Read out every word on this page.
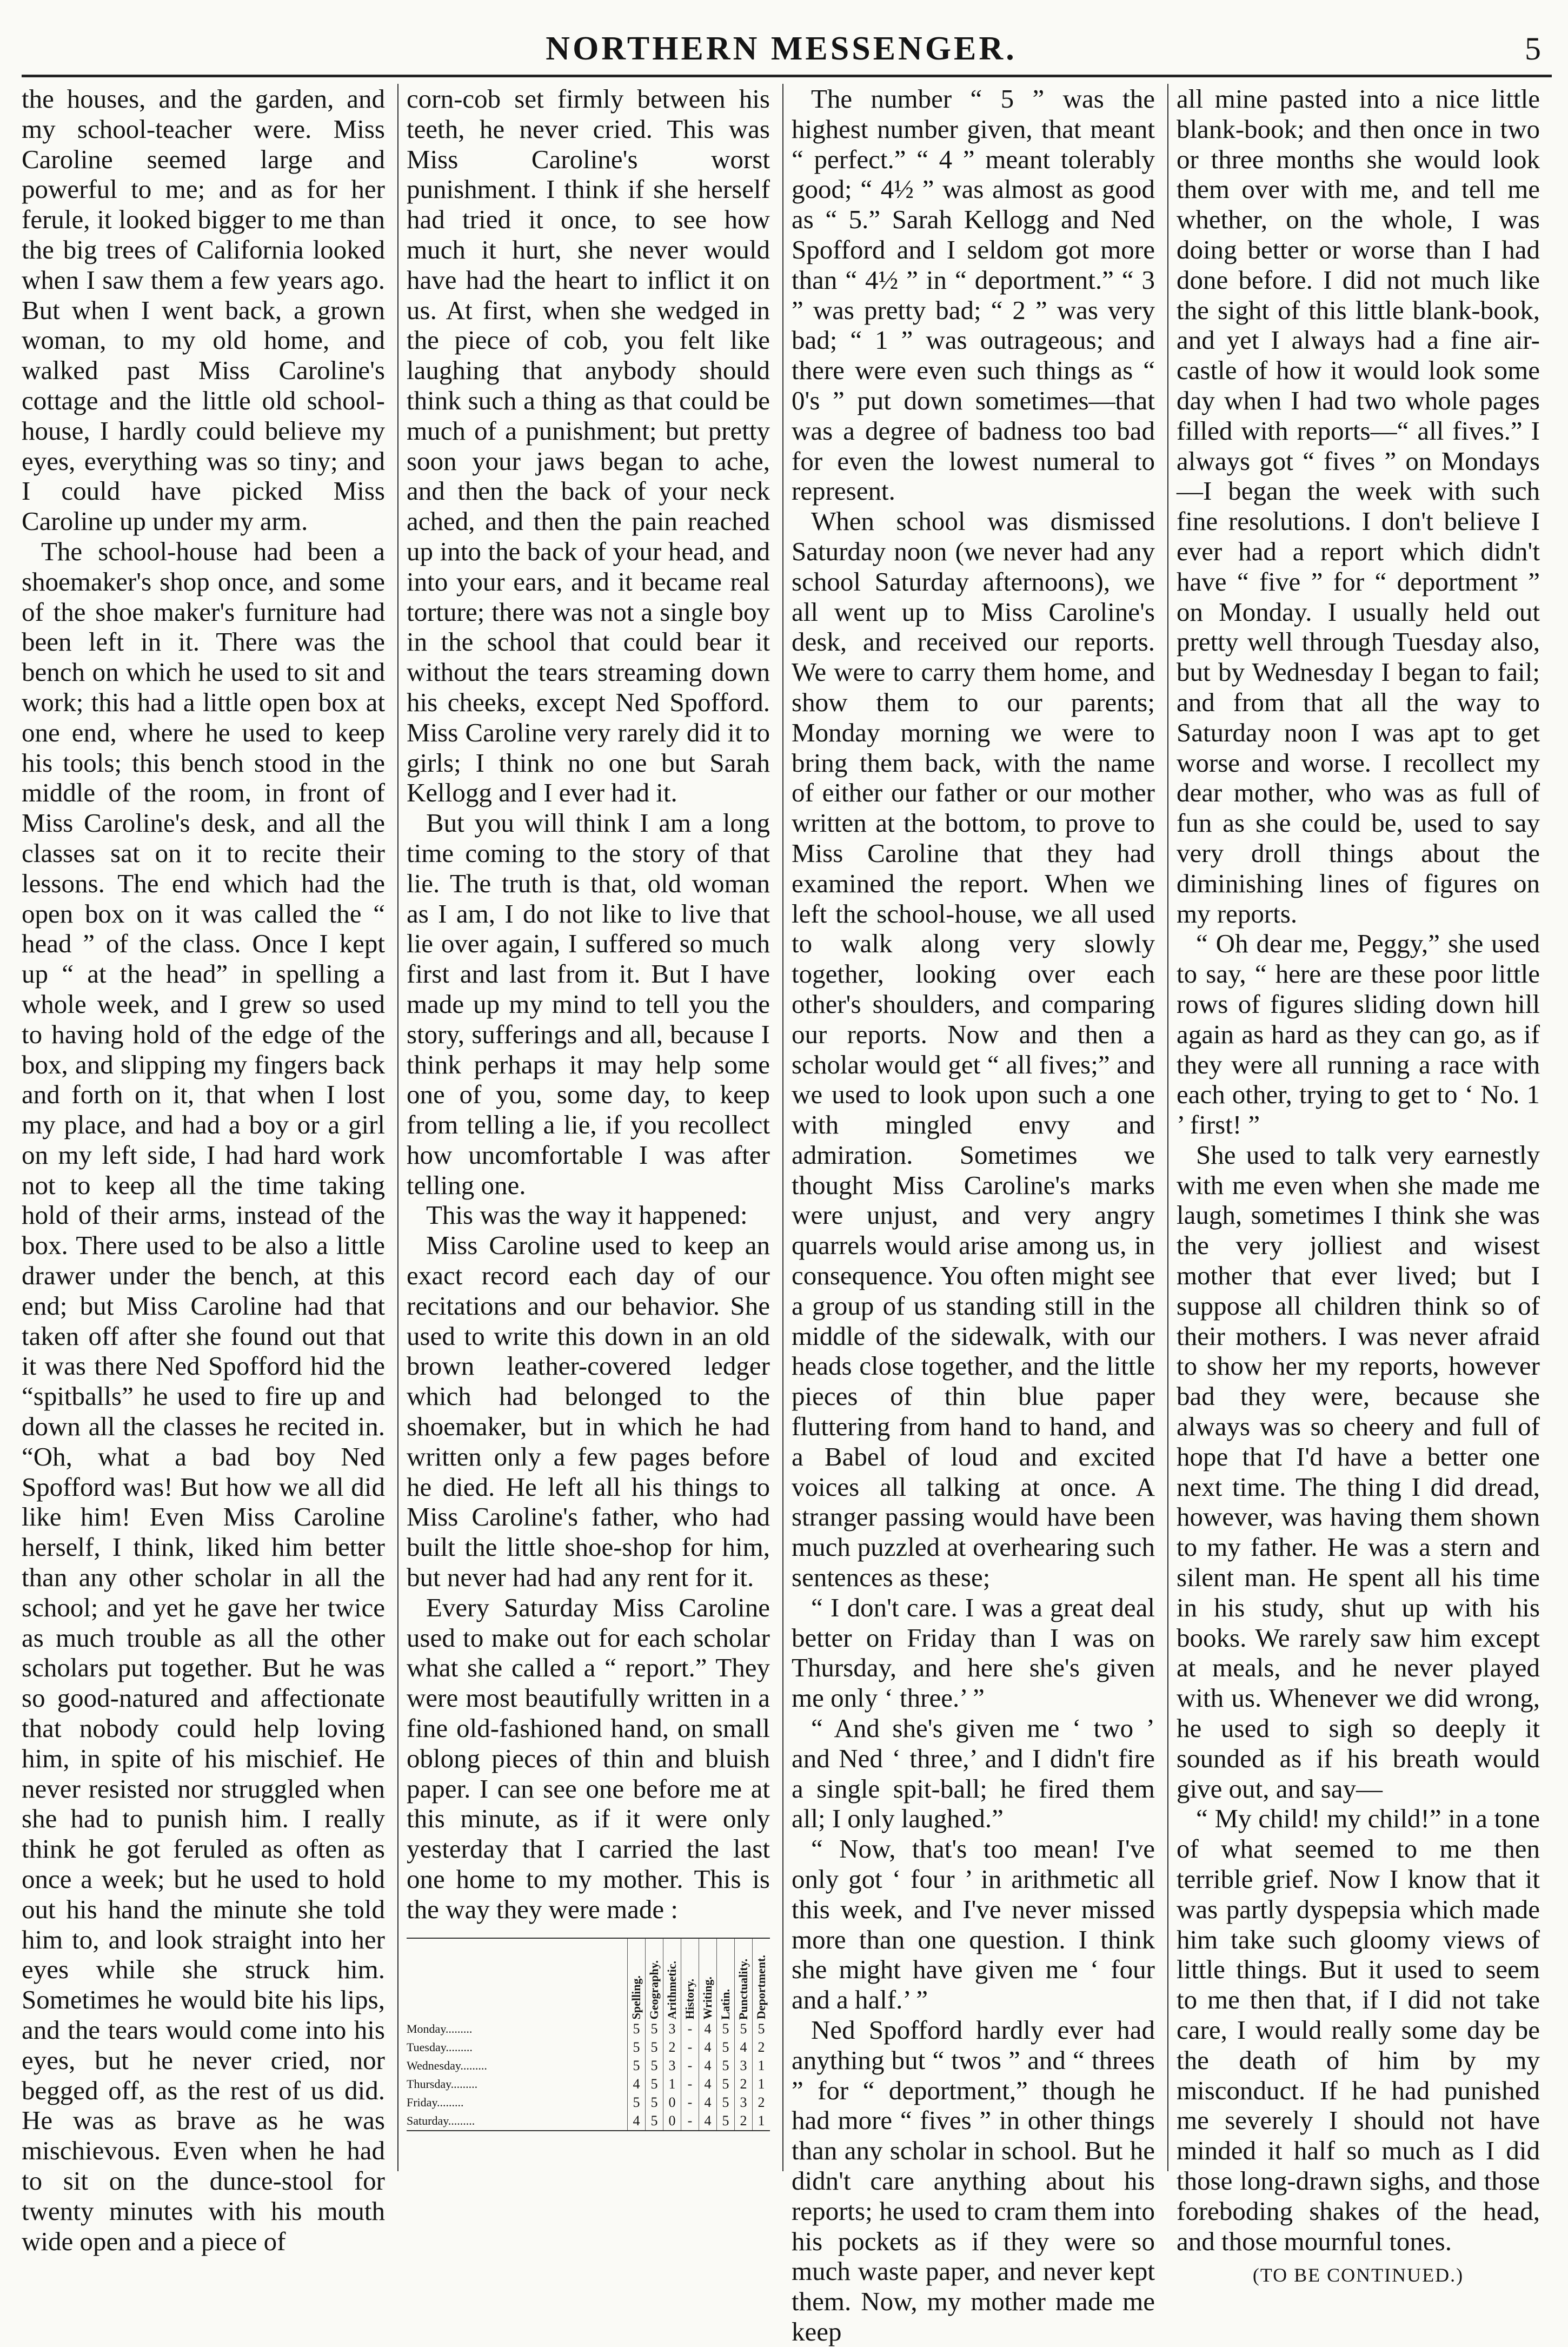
NORTHERN MESSENGER.	5

the houses, and the garden, and my school-teacher were. Miss Caroline seemed large and powerful to me; and as for her ferule, it looked bigger to me than the big trees of California looked when I saw them a few years ago. But when I went back, a grown woman, to my old home, and walked past Miss Caroline's cottage and the little old school-house, I hardly could believe my eyes, everything was so tiny; and I could have picked Miss Caroline up under my arm.

The school-house had been a shoemaker's shop once, and some of the shoe maker's furniture had been left in it. There was the bench on which he used to sit and work; this had a little open box at one end, where he used to keep his tools; this bench stood in the middle of the room, in front of Miss Caroline's desk, and all the classes sat on it to recite their lessons. The end which had the open box on it was called the “ head ” of the class. Once I kept up “ at the head” in spelling a whole week, and I grew so used to having hold of the edge of the box, and slipping my fingers back and forth on it, that when I lost my place, and had a boy or a girl on my left side, I had hard work not to keep all the time taking hold of their arms, instead of the box. There used to be also a little drawer under the bench, at this end; but Miss Caroline had that taken off after she found out that it was there Ned Spofford hid the “spitballs” he used to fire up and down all the classes he recited in. “Oh, what a bad boy Ned Spofford was! But how we all did like him! Even Miss Caroline herself, I think, liked him better than any other scholar in all the school; and yet he gave her twice as much trouble as all the other scholars put together. But he was so good-natured and affectionate that nobody could help loving him, in spite of his mischief. He never resisted nor struggled when she had to punish him. I really think he got feruled as often as once a week; but he used to hold out his hand the minute she told him to, and look straight into her eyes while she struck him. Sometimes he would bite his lips, and the tears would come into his eyes, but he never cried, nor begged off, as the rest of us did. He was as brave as he was mischievous. Even when he had to sit on the dunce-stool for twenty minutes with his mouth wide open and a piece of

corn-cob set firmly between his teeth, he never cried. This was Miss Caroline's worst punishment. I think if she herself had tried it once, to see how much it hurt, she never would have had the heart to inflict it on us. At first, when she wedged in the piece of cob, you felt like laughing that anybody should think such a thing as that could be much of a punishment; but pretty soon your jaws began to ache, and then the back of your neck ached, and then the pain reached up into the back of your head, and into your ears, and it became real torture; there was not a single boy in the school that could bear it without the tears streaming down his cheeks, except Ned Spofford. Miss Caroline very rarely did it to girls; I think no one but Sarah Kellogg and I ever had it.

But you will think I am a long time coming to the story of that lie. The truth is that, old woman as I am, I do not like to live that lie over again, I suffered so much first and last from it. But I have made up my mind to tell you the story, sufferings and all, because I think perhaps it may help some one of you, some day, to keep from telling a lie, if you recollect how uncomfortable I was after telling one.

This was the way it happened:

Miss Caroline used to keep an exact record each day of our recitations and our behavior. She used to write this down in an old brown leather-covered ledger which had belonged to the shoemaker, but in which he had written only a few pages before he died. He left all his things to Miss Caroline's father, who had built the little shoe-shop for him, but never had had any rent for it.

Every Saturday Miss Caroline used to make out for each scholar what she called a “ report.” They were most beautifully written in a fine old-fashioned hand, on small oblong pieces of thin and bluish paper. I can see one before me at this minute, as if it were only yesterday that I carried the last one home to my mother. This is the way they were made :

	Spelling.	Geography.	Arithmetic.	History.	Writing.	Latin.	Punctuality.	Deportment.

Monday.........	5	5	3	-	4	5	5	5
Tuesday.........	5	5	2	-	4	5	4	2
Wednesday.........	5	5	3	-	4	5	3	1
Thursday.........	4	5	1	-	4	5	2	1
Friday.........	5	5	0	-	4	5	3	2
Saturday.........	4	5	0	-	4	5	2	1

The number “ 5 ” was the highest number given, that meant “ perfect.” “ 4 ” meant tolerably good; “ 4½ ” was almost as good as “ 5.” Sarah Kellogg and Ned Spofford and I seldom got more than “ 4½ ” in “ deportment.” “ 3 ” was pretty bad; “ 2 ” was very bad; “ 1 ” was outrageous; and there were even such things as “ 0's ” put down sometimes—that was a degree of badness too bad for even the lowest numeral to represent.

When school was dismissed Saturday noon (we never had any school Saturday afternoons), we all went up to Miss Caroline's desk, and received our reports. We were to carry them home, and show them to our parents; Monday morning we were to bring them back, with the name of either our father or our mother written at the bottom, to prove to Miss Caroline that they had examined the report. When we left the school-house, we all used to walk along very slowly together, looking over each other's shoulders, and comparing our reports. Now and then a scholar would get “ all fives;” and we used to look upon such a one with mingled envy and admiration. Sometimes we thought Miss Caroline's marks were unjust, and very angry quarrels would arise among us, in consequence. You often might see a group of us standing still in the middle of the sidewalk, with our heads close together, and the little pieces of thin blue paper fluttering from hand to hand, and a Babel of loud and excited voices all talking at once. A stranger passing would have been much puzzled at overhearing such sentences as these;

“ I don't care. I was a great deal better on Friday than I was on Thursday, and here she's given me only ‘ three.’ ”

“ And she's given me ‘ two ’ and Ned ‘ three,’ and I didn't fire a single spit-ball; he fired them all; I only laughed.”

“ Now, that's too mean! I've only got ‘ four ’ in arithmetic all this week, and I've never missed more than one question. I think she might have given me ‘ four and a half.’ ”

Ned Spofford hardly ever had anything but “ twos ” and “ threes ” for “ deportment,” though he had more “ fives ” in other things than any scholar in school. But he didn't care anything about his reports; he used to cram them into his pockets as if they were so much waste paper, and never kept them. Now, my mother made me keep

all mine pasted into a nice little blank-book; and then once in two or three months she would look them over with me, and tell me whether, on the whole, I was doing better or worse than I had done before. I did not much like the sight of this little blank-book, and yet I always had a fine air-castle of how it would look some day when I had two whole pages filled with reports—“ all fives.” I always got “ fives ” on Mondays—I began the week with such fine resolutions. I don't believe I ever had a report which didn't have “ five ” for “ deportment ” on Monday. I usually held out pretty well through Tuesday also, but by Wednesday I began to fail; and from that all the way to Saturday noon I was apt to get worse and worse. I recollect my dear mother, who was as full of fun as she could be, used to say very droll things about the diminishing lines of figures on my reports.

“ Oh dear me, Peggy,” she used to say, “ here are these poor little rows of figures sliding down hill again as hard as they can go, as if they were all running a race with each other, trying to get to ‘ No. 1 ’ first! ”

She used to talk very earnestly with me even when she made me laugh, sometimes I think she was the very jolliest and wisest mother that ever lived; but I suppose all children think so of their mothers. I was never afraid to show her my reports, however bad they were, because she always was so cheery and full of hope that I'd have a better one next time. The thing I did dread, however, was having them shown to my father. He was a stern and silent man. He spent all his time in his study, shut up with his books. We rarely saw him except at meals, and he never played with us. Whenever we did wrong, he used to sigh so deeply it sounded as if his breath would give out, and say—

“ My child! my child!” in a tone of what seemed to me then terrible grief. Now I know that it was partly dyspepsia which made him take such gloomy views of little things. But it used to seem to me then that, if I did not take care, I would really some day be the death of him by my misconduct. If he had punished me severely I should not have minded it half so much as I did those long-drawn sighs, and those foreboding shakes of the head, and those mournful tones.

(TO BE CONTINUED.)
